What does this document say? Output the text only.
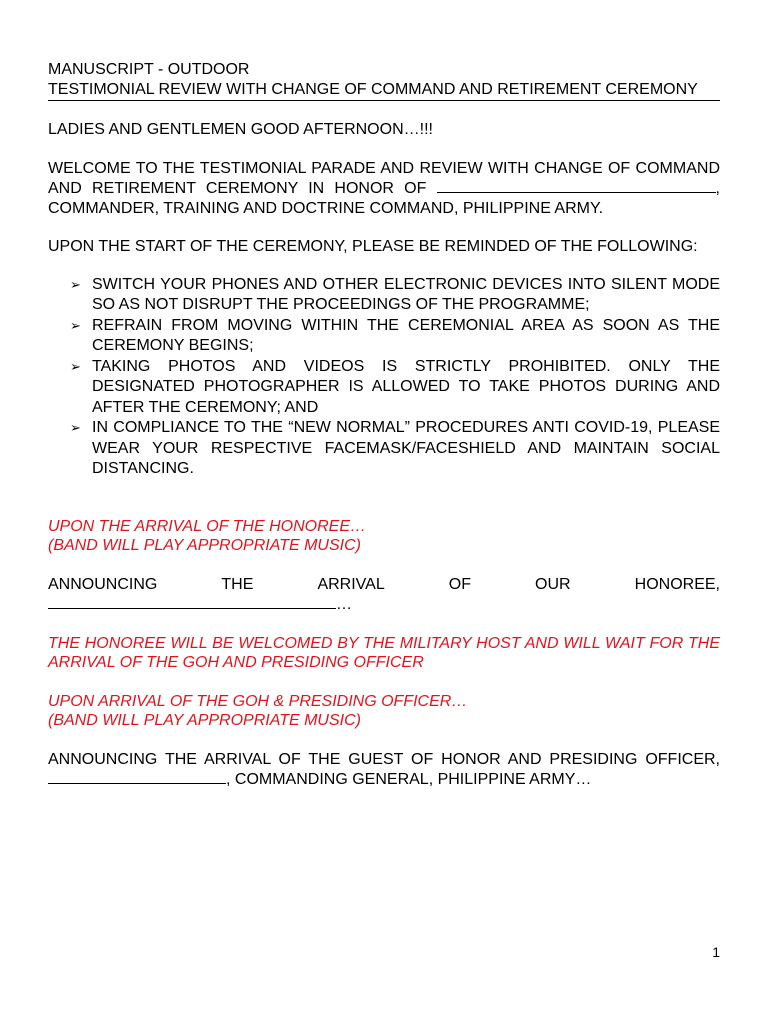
MANUSCRIPT - OUTDOOR

TESTIMONIAL REVIEW WITH CHANGE OF COMMAND AND RETIREMENT CEREMONY

LADIES AND GENTLEMEN GOOD AFTERNOON…!!!

WELCOME TO THE TESTIMONIAL PARADE AND REVIEW WITH CHANGE OF COMMAND AND RETIREMENT CEREMONY IN HONOR OF	, COMMANDER, TRAINING AND DOCTRINE COMMAND, PHILIPPINE ARMY.

UPON THE START OF THE CEREMONY, PLEASE BE REMINDED OF THE FOLLOWING:

➢ SWITCH YOUR PHONES AND OTHER ELECTRONIC DEVICES INTO SILENT MODE SO AS NOT DISRUPT THE PROCEEDINGS OF THE PROGRAMME;
➢ REFRAIN FROM MOVING WITHIN THE CEREMONIAL AREA AS SOON AS THE CEREMONY BEGINS;
➢ TAKING PHOTOS AND VIDEOS IS STRICTLY PROHIBITED. ONLY THE DESIGNATED PHOTOGRAPHER IS ALLOWED TO TAKE PHOTOS DURING AND AFTER THE CEREMONY; AND
➢ IN COMPLIANCE TO THE “NEW NORMAL” PROCEDURES ANTI COVID-19, PLEASE WEAR YOUR RESPECTIVE FACEMASK/FACESHIELD AND MAINTAIN SOCIAL DISTANCING.

UPON THE ARRIVAL OF THE HONOREE…

(BAND WILL PLAY APPROPRIATE MUSIC)

ANNOUNCING	THE	ARRIVAL	OF	OUR	HONOREE,

…

THE HONOREE WILL BE WELCOMED BY THE MILITARY HOST AND WILL WAIT FOR THE ARRIVAL OF THE GOH AND PRESIDING OFFICER

UPON ARRIVAL OF THE GOH & PRESIDING OFFICER…

(BAND WILL PLAY APPROPRIATE MUSIC)

ANNOUNCING THE ARRIVAL OF THE GUEST OF HONOR AND PRESIDING OFFICER, , COMMANDING GENERAL, PHILIPPINE ARMY…

1
